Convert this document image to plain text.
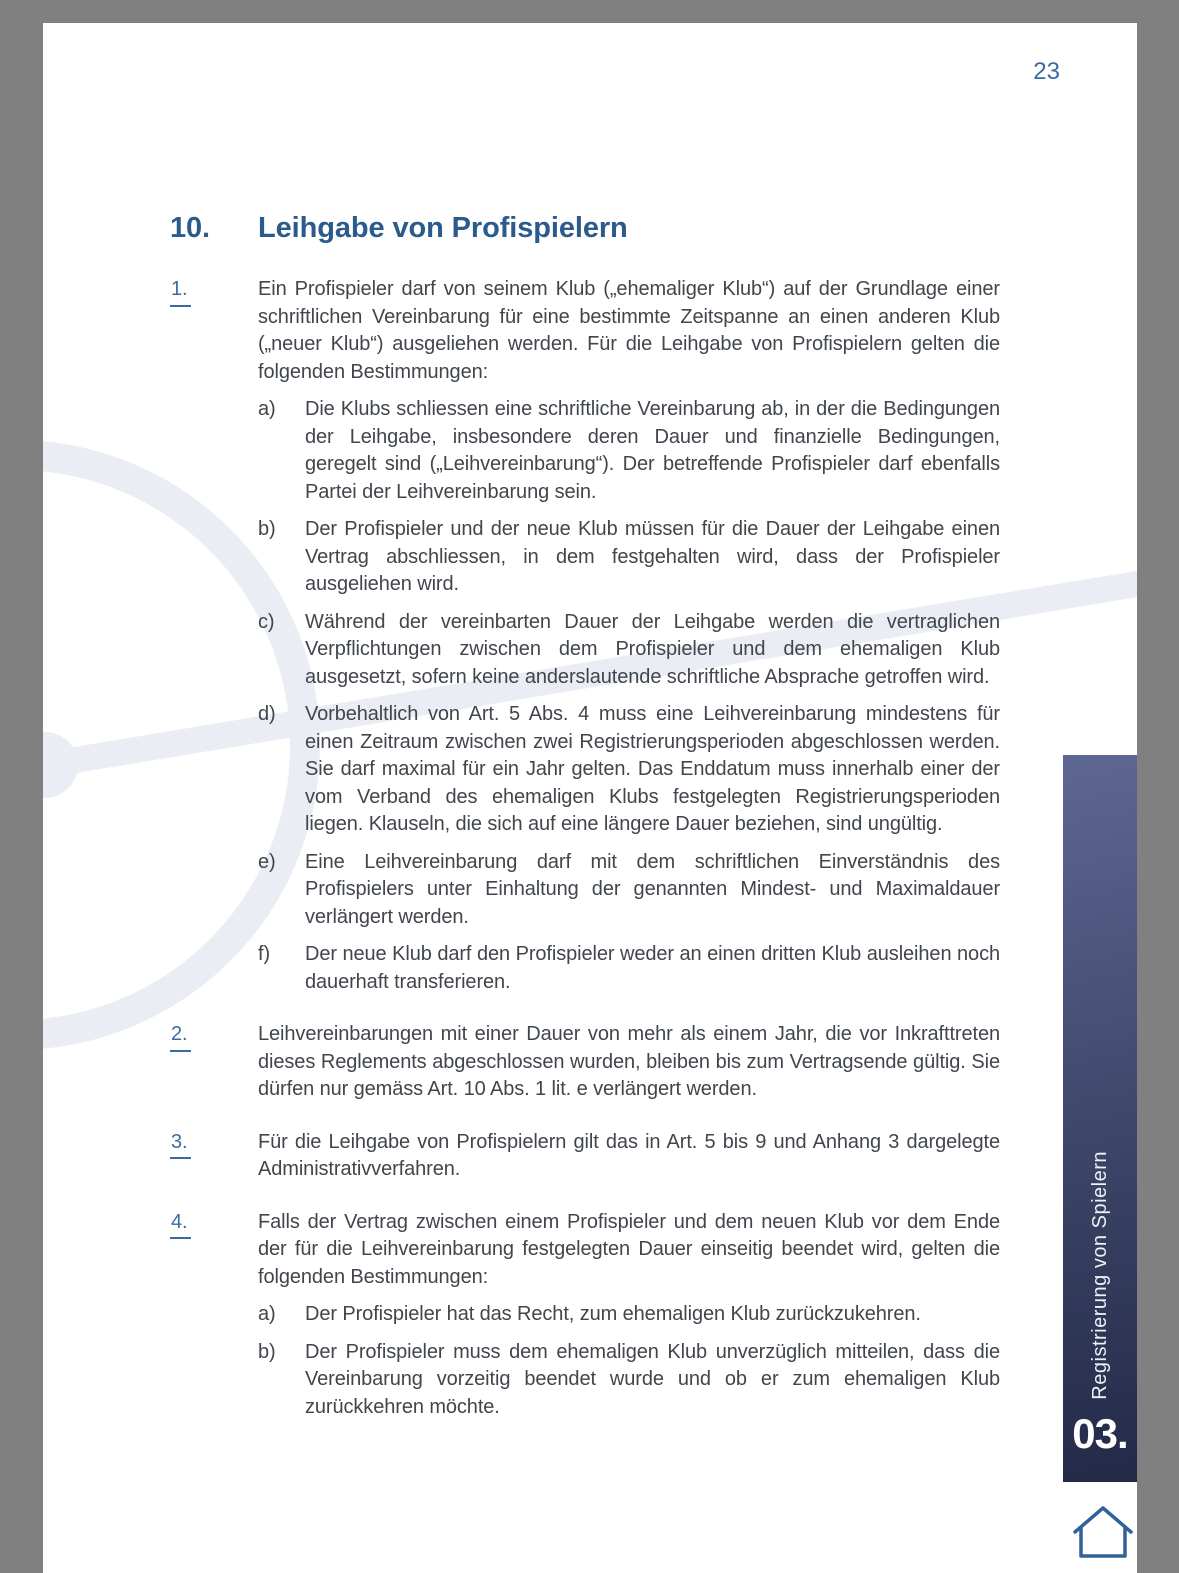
23
10.	Leihgabe von Profispielern
1.	Ein Profispieler darf von seinem Klub („ehemaliger Klub“) auf der Grundlage einer schriftlichen Vereinbarung für eine bestimmte Zeitspanne an einen anderen Klub („neuer Klub“) ausgeliehen werden. Für die Leihgabe von Profispielern gelten die folgenden Bestimmungen:
a)	Die Klubs schliessen eine schriftliche Vereinbarung ab, in der die Bedingungen der Leihgabe, insbesondere deren Dauer und finanzielle Bedingungen, geregelt sind („Leihvereinbarung“). Der betreffende Profispieler darf ebenfalls Partei der Leihvereinbarung sein.
b)	Der Profispieler und der neue Klub müssen für die Dauer der Leihgabe einen Vertrag abschliessen, in dem festgehalten wird, dass der Profispieler ausgeliehen wird.
c)	Während der vereinbarten Dauer der Leihgabe werden die vertraglichen Verpflichtungen zwischen dem Profispieler und dem ehemaligen Klub ausgesetzt, sofern keine anderslautende schriftliche Absprache getroffen wird.
d)	Vorbehaltlich von Art. 5 Abs. 4 muss eine Leihvereinbarung mindestens für einen Zeitraum zwischen zwei Registrierungsperioden abgeschlossen werden. Sie darf maximal für ein Jahr gelten. Das Enddatum muss innerhalb einer der vom Verband des ehemaligen Klubs festgelegten Registrierungsperioden liegen. Klauseln, die sich auf eine längere Dauer beziehen, sind ungültig.
e)	Eine Leihvereinbarung darf mit dem schriftlichen Einverständnis des Profispielers unter Einhaltung der genannten Mindest- und Maximaldauer verlängert werden.
f)	Der neue Klub darf den Profispieler weder an einen dritten Klub ausleihen noch dauerhaft transferieren.
2.	Leihvereinbarungen mit einer Dauer von mehr als einem Jahr, die vor Inkrafttreten dieses Reglements abgeschlossen wurden, bleiben bis zum Vertragsende gültig. Sie dürfen nur gemäss Art. 10 Abs. 1 lit. e verlängert werden.
3.	Für die Leihgabe von Profispielern gilt das in Art. 5 bis 9 und Anhang 3 dargelegte Administrativverfahren.
4.	Falls der Vertrag zwischen einem Profispieler und dem neuen Klub vor dem Ende der für die Leihvereinbarung festgelegten Dauer einseitig beendet wird, gelten die folgenden Bestimmungen:
a)	Der Profispieler hat das Recht, zum ehemaligen Klub zurückzukehren.
b)	Der Profispieler muss dem ehemaligen Klub unverzüglich mitteilen, dass die Vereinbarung vorzeitig beendet wurde und ob er zum ehemaligen Klub zurückkehren möchte.
Registrierung von Spielern
03.
